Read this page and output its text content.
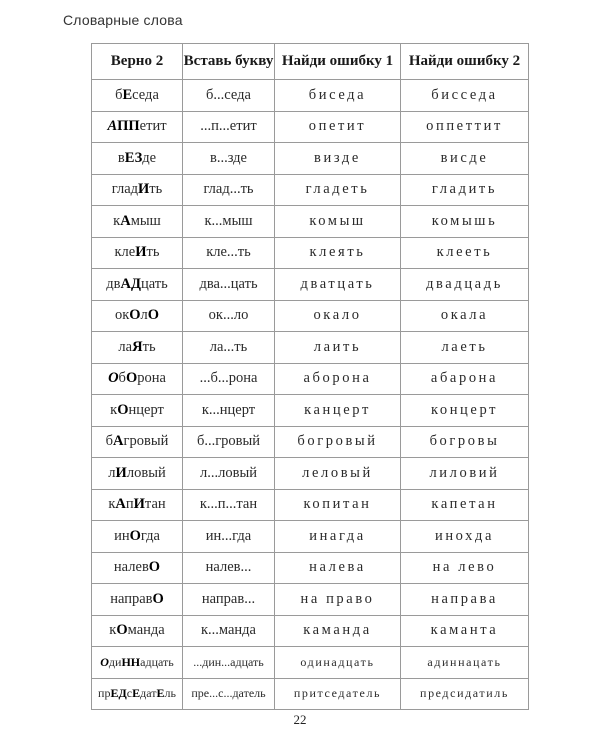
Словарные слова
Верно 2	Вставь букву	Найди ошибку 1	Найди ошибку 2
бЕседа	б...седа	биседа	бисседа
АППетит	...п...етит	опетит	оппеттит
вЕЗде	в...зде	визде	висде
гладИть	глад...ть	гладеть	гладить
кАмыш	к...мыш	комыш	комышь
клеИть	кле...ть	клеять	клееть
двАДцать	два...цать	дватцать	двадцадь
окОлО	ок...ло	окало	окала
лаЯть	ла...ть	лаить	лаеть
ОбОрона	...б...рона	аборона	абарона
кОнцерт	к...нцерт	канцерт	концерт
бАгровый	б...гровый	богровый	богровы
лИловый	л...ловый	леловый	лиловий
кАпИтан	к...п...тан	копитан	капетан
инОгда	ин...гда	инагда	инохда
налевО	налев...	налева	на лево
направО	направ...	на право	направа
кОманда	к...манда	каманда	каманта
ОдиННадцать	...дин...адцать	одинадцать	адиннацать
прЕДсЕдатЕль	пре...с...датель	притседатель	предсидатиль
22
